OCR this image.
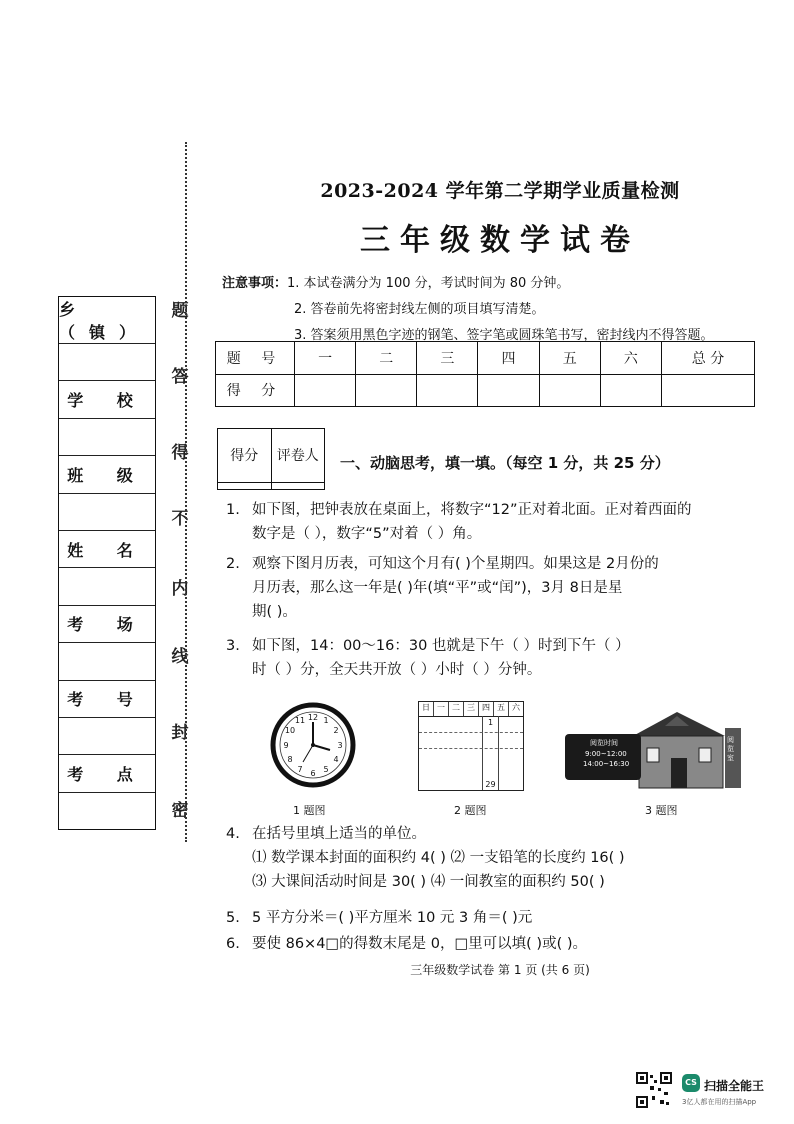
乡（镇）
学 校
班 级
姓 名
考 场
考 号
考 点
题
答
得
不
内
线
封
密
2023-2024 学年第二学期学业质量检测
三年级数学试卷
注意事项：1. 本试卷满分为 100 分，考试时间为 80 分钟。
2. 答卷前先将密封线左侧的项目填写清楚。
3. 答案须用黑色字迹的钢笔、签字笔或圆珠笔书写，密封线内不得答题。
题 号	一	二	三	四	五	六	总 分
得 分							
得分	评卷人
	一、动脑思考，填一填。（每空 1 分，共 25 分）
1. 如下图，把钟表放在桌面上，将数字“12”正对着北面。正对着西面的
数字是（ ），数字“5”对着（ ）角。
2. 观察下图月历表，可知这个月有( )个星期四。如果这是 2月份的
月历表，那么这一年是( )年(填“平”或“闰”)，3月 8日是星
期( )。
3. 如下图，14：00～16：30 也就是下午（ ）时到下午（ ）
时（ ）分，全天共开放（ ）小时（ ）分钟。
12 1
2
3
4
5
6
7
8
9
10
11
1 题图
日 一 二 三 四 五 六
1
29
2 题图
阅览时间
9:00~12:00
14:00~16:30
阅览室
3 题图
4. 在括号里填上适当的单位。
⑴ 数学课本封面的面积约 4( ) ⑵ 一支铅笔的长度约 16( )
⑶ 大课间活动时间是 30( ) ⑷ 一间教室的面积约 50( )
5. 5 平方分米＝( )平方厘米 10 元 3 角＝( )元
6. 要使 86×4□的得数末尾是 0，□里可以填( )或( )。
三年级数学试卷 第 1 页 (共 6 页)
CS 扫描全能王
3亿人都在用的扫描App
